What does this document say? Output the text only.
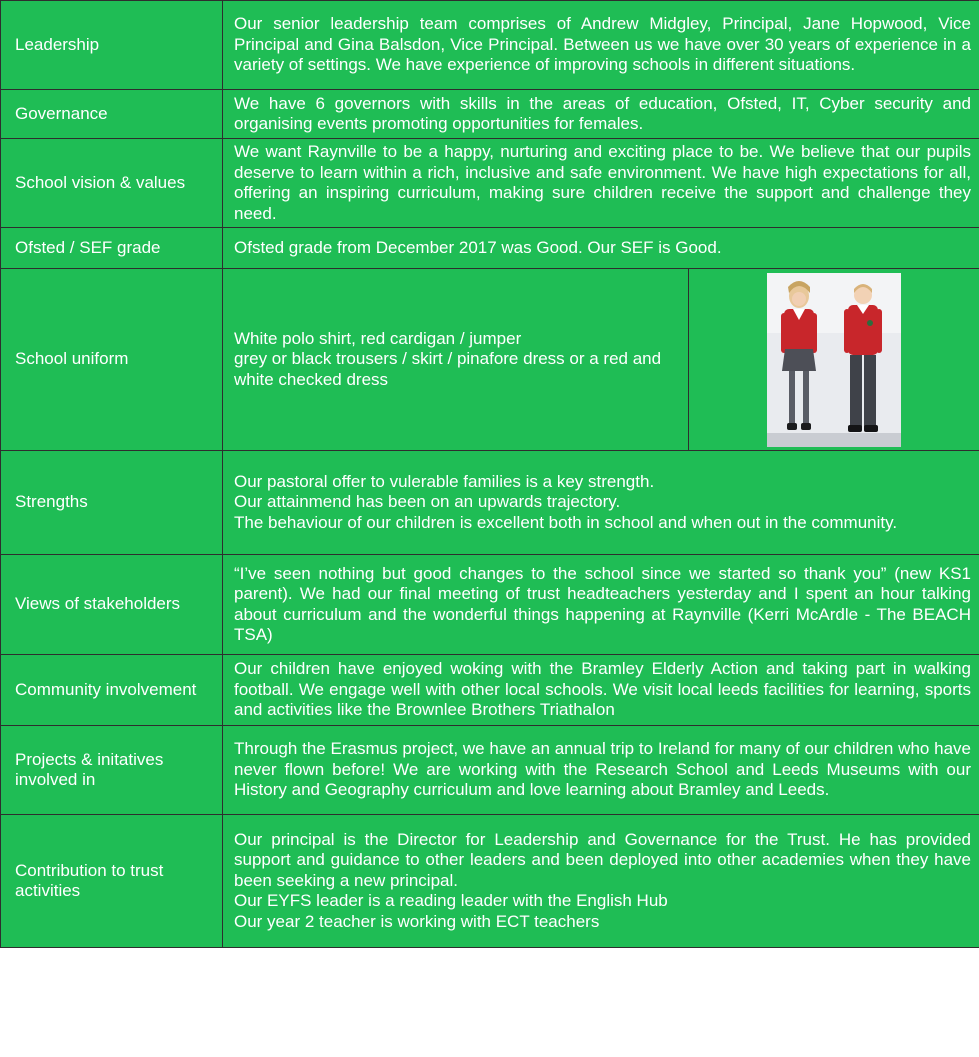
Leadership	Our senior leadership team comprises of Andrew Midgley, Principal, Jane Hopwood, Vice Principal and Gina Balsdon, Vice Principal. Between us we have over 30 years of experience in a variety of settings. We have experience of improving schools in different situations.	

Governance	We have 6 governors with skills in the areas of education, Ofsted, IT, Cyber security and organising events promoting opportunities for females.	

School vision & values	We want Raynville to be a happy, nurturing and exciting place to be. We believe that our pupils deserve to learn within a rich, inclusive and safe environment. We have high expectations for all, offering an inspiring curriculum, making sure children receive the support and challenge they need.	

Ofsted / SEF grade	Ofsted grade from December 2017 was Good. Our SEF is Good.	

School uniform	White polo shirt, red cardigan / jumper
grey or black trousers / skirt / pinafore dress or a red and white checked dress

Strengths	Our pastoral offer to vulerable families is a key strength.
Our attainmend has been on an upwards trajectory.
The behaviour of our children is excellent both in school and when out in the community.	

Views of stakeholders	“I’ve seen nothing but good changes to the school since we started so thank you” (new KS1 parent). We had our final meeting of trust headteachers yesterday and I spent an hour talking about curriculum and the wonderful things happening at Raynville (Kerri McArdle - The BEACH TSA)	

Community involvement	Our children have enjoyed woking with the Bramley Elderly Action and taking part in walking football. We engage well with other local schools. We visit local leeds facilities for learning, sports and activities like the Brownlee Brothers Triathalon	

Projects & initatives involved in	Through the Erasmus project, we have an annual trip to Ireland for many of our children who have never flown before! We are working with the Research School and Leeds Museums with our History and Geography curriculum and love learning about Bramley and Leeds.	

Contribution to trust activities	Our principal is the Director for Leadership and Governance for the Trust. He has provided support and guidance to other leaders and been deployed into other academies when they have been seeking a new principal.
Our EYFS leader is a reading leader with the English Hub
Our year 2 teacher is working with ECT teachers	
